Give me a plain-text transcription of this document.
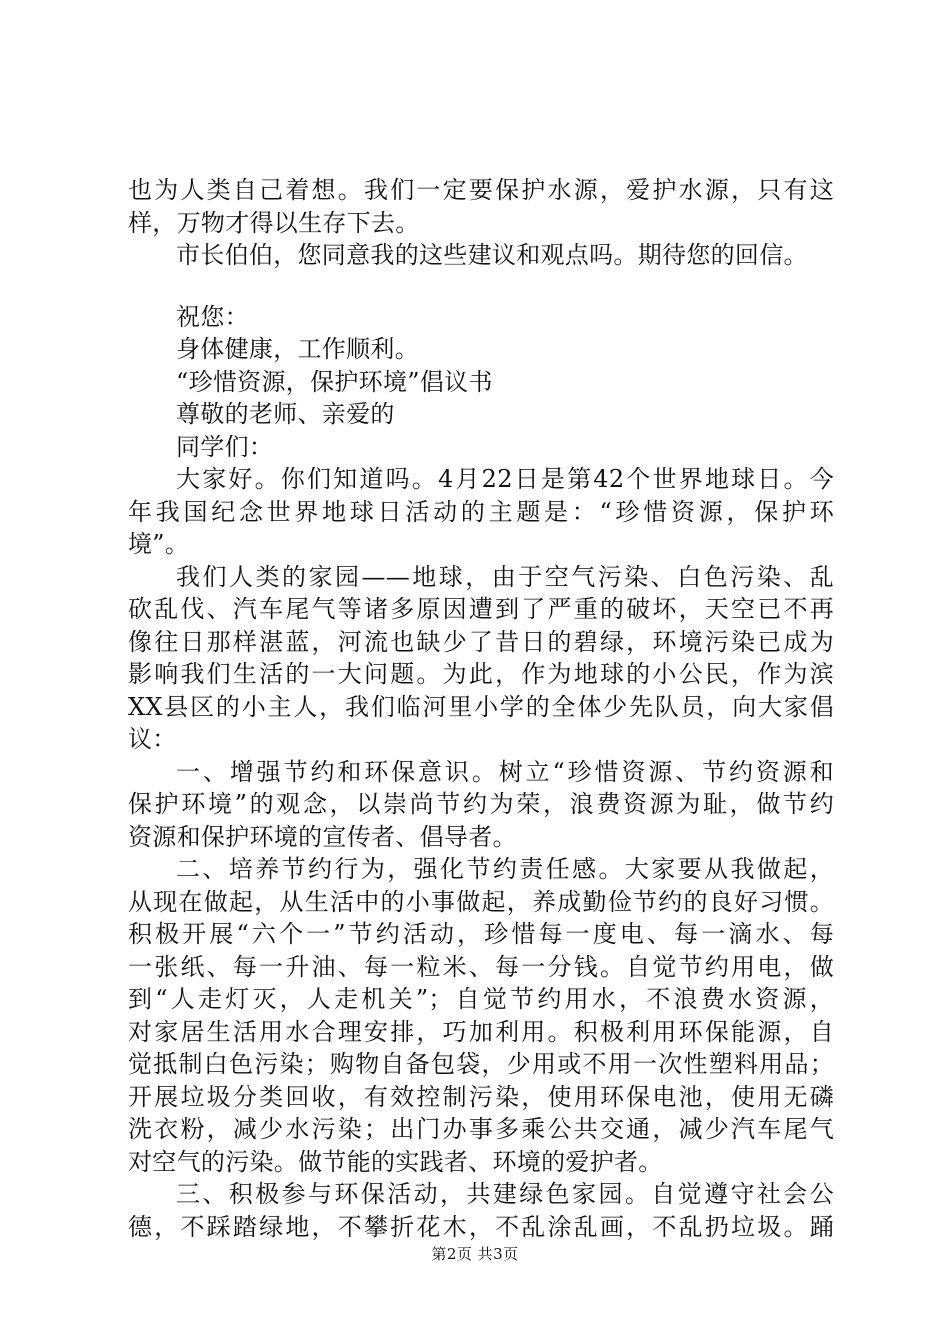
也为人类自己着想。我们一定要保护水源，爱护水源，只有这
样，万物才得以生存下去。
市长伯伯，您同意我的这些建议和观点吗。期待您的回信。
祝您：
身体健康，工作顺利。
“珍惜资源，保护环境”倡议书
尊敬的老师、亲爱的
同学们：
大家好。你们知道吗。4月22日是第42个世界地球日。今
年我国纪念世界地球日活动的主题是：“珍惜资源，保护环
境”。
我们人类的家园——地球，由于空气污染、白色污染、乱
砍乱伐、汽车尾气等诸多原因遭到了严重的破坏，天空已不再
像往日那样湛蓝，河流也缺少了昔日的碧绿，环境污染已成为
影响我们生活的一大问题。为此，作为地球的小公民，作为滨
XX县区的小主人，我们临河里小学的全体少先队员，向大家倡
议：
一、增强节约和环保意识。树立“珍惜资源、节约资源和
保护环境”的观念，以崇尚节约为荣，浪费资源为耻，做节约
资源和保护环境的宣传者、倡导者。
二、培养节约行为，强化节约责任感。大家要从我做起，
从现在做起，从生活中的小事做起，养成勤俭节约的良好习惯。
积极开展“六个一”节约活动，珍惜每一度电、每一滴水、每
一张纸、每一升油、每一粒米、每一分钱。自觉节约用电，做
到“人走灯灭，人走机关”；自觉节约用水，不浪费水资源，
对家居生活用水合理安排，巧加利用。积极利用环保能源，自
觉抵制白色污染；购物自备包袋，少用或不用一次性塑料用品；
开展垃圾分类回收，有效控制污染，使用环保电池，使用无磷
洗衣粉，减少水污染；出门办事多乘公共交通，减少汽车尾气
对空气的污染。做节能的实践者、环境的爱护者。
三、积极参与环保活动，共建绿色家园。自觉遵守社会公
德，不踩踏绿地，不攀折花木，不乱涂乱画，不乱扔垃圾。踊
第2页 共3页
